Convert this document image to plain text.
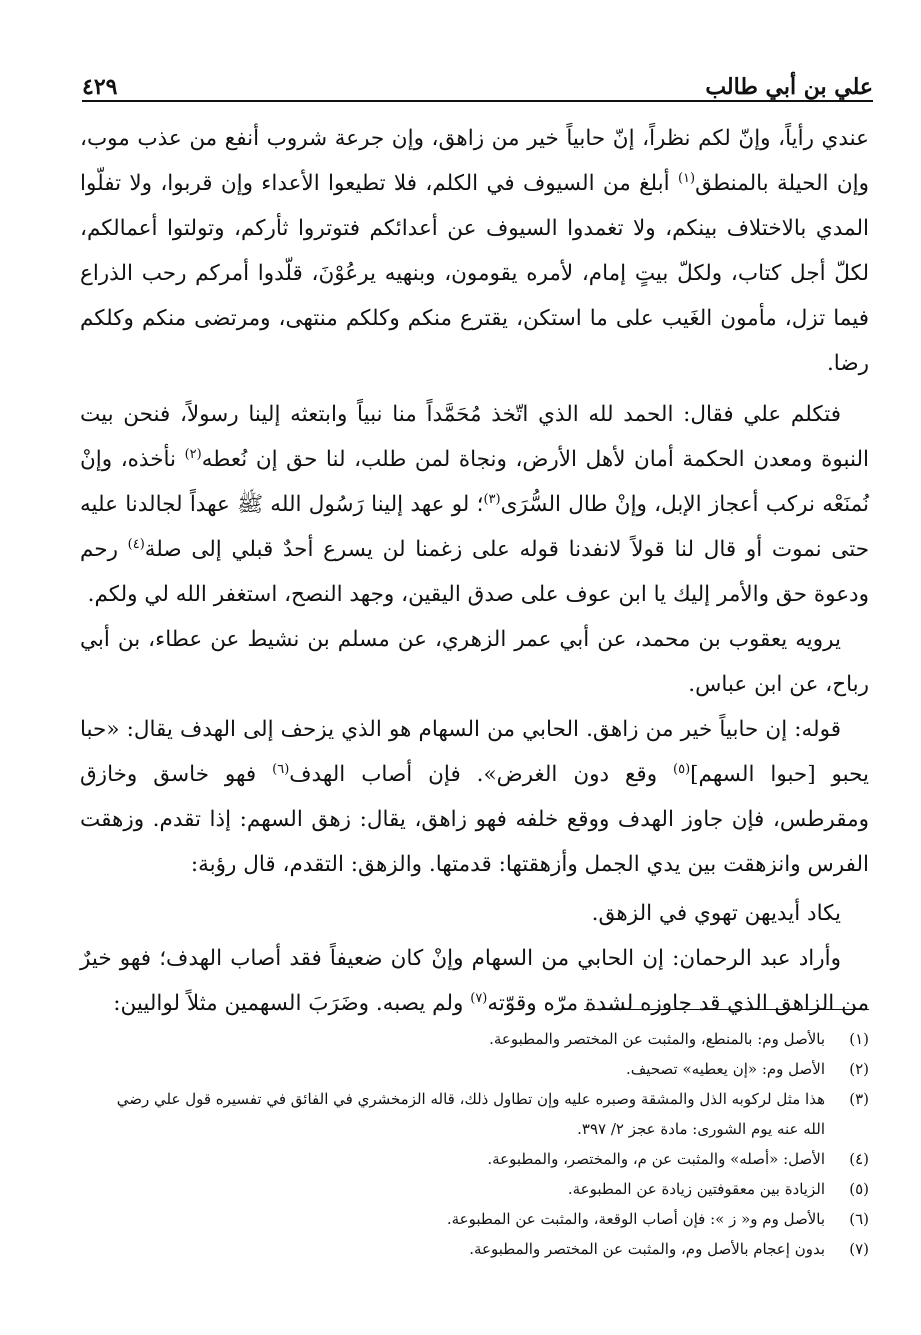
علي بن أبي طالب
٤٢٩

عندي رأياً، وإنّ لكم نظراً، إنّ حابياً خير من زاهق، وإن جرعة شروب أنفع من عذب موب، وإن الحيلة بالمنطق$^{(١)}$ أبلغ من السيوف في الكلم، فلا تطيعوا الأعداء وإن قربوا، ولا تفلّوا المدي بالاختلاف بينكم، ولا تغمدوا السيوف عن أعدائكم فتوتروا ثأركم، وتولتوا أعمالكم، لكلّ أجل كتاب، ولكلّ بيتٍ إمام، لأمره يقومون، وبنهيه يرعُوْنَ، قلّدوا أمركم رحب الذراع فيما تزل، مأمون الغَيب على ما استكن، يقترع منكم وكلكم منتهى، ومرتضى منكم وكلكم رضا.

فتكلم علي فقال: الحمد لله الذي اتّخذ مُحَمَّداً منا نبياً وابتعثه إلينا رسولاً، فنحن بيت النبوة ومعدن الحكمة أمان لأهل الأرض، ونجاة لمن طلب، لنا حق إن نُعطه$^{(٢)}$ نأخذه، وإنْ نُمنَعْه نركب أعجاز الإبل، وإنْ طال السُّرَى$^{(٣)}$؛ لو عهد إلينا رَسُول الله ﷺ عهداً لجالدنا عليه حتى نموت أو قال لنا قولاً لانفدنا قوله على زغمنا لن يسرع أحدٌ قبلي إلى صلة$^{(٤)}$ رحم ودعوة حق والأمر إليك يا ابن عوف على صدق اليقين، وجهد النصح، استغفر الله لي ولكم.

يرويه يعقوب بن محمد، عن أبي عمر الزهري، عن مسلم بن نشيط عن عطاء، بن أبي رباح، عن ابن عباس.

قوله: إن حابياً خير من زاهق. الحابي من السهام هو الذي يزحف إلى الهدف يقال: «حبا يحبو [حبوا السهم]$^{(٥)}$ وقع دون الغرض». فإن أصاب الهدف$^{(٦)}$ فهو خاسق وخازق ومقرطس، فإن جاوز الهدف ووقع خلفه فهو زاهق، يقال: زهق السهم: إذا تقدم. وزهقت الفرس وانزهقت بين يدي الجمل وأزهقتها: قدمتها. والزهق: التقدم، قال رؤبة:

يكاد أيديهن تهوي في الزهق.

وأراد عبد الرحمان: إن الحابي من السهام وإنْ كان ضعيفاً فقد أصاب الهدف؛ فهو خيرٌ من الزاهق الذي قد جاوزه لشدة مرّه وقوّته$^{(٧)}$ ولم يصبه. وضَرَبَ السهمين مثلاً لواليين:

(١)
بالأصل وم: بالمنطع، والمثبت عن المختصر والمطبوعة.
(٢)
الأصل وم: «إن يعطيه» تصحيف.
(٣)
هذا مثل لركوبه الذل والمشقة وصبره عليه وإن تطاول ذلك، قاله الزمخشري في الفائق في تفسيره قول علي رضي
الله عنه يوم الشورى: مادة عجز ٢/ ٣٩٧.
(٤)
الأصل: «أصله» والمثبت عن م، والمختصر، والمطبوعة.
(٥)
الزيادة بين معقوفتين زيادة عن المطبوعة.
(٦)
بالأصل وم و« ز »: فإن أصاب الوقعة، والمثبت عن المطبوعة.
(٧)
بدون إعجام بالأصل وم، والمثبت عن المختصر والمطبوعة.
